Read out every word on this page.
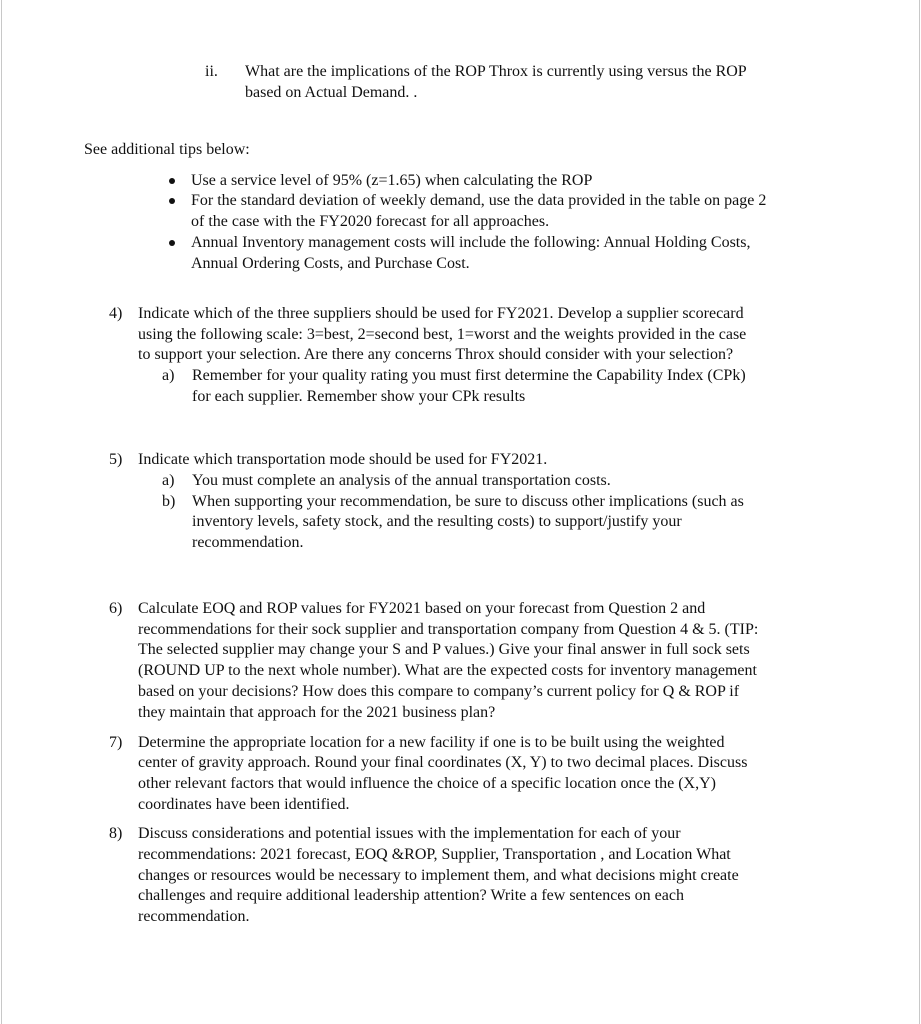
ii. What are the implications of the ROP Throx is currently using versus the ROP
based on Actual Demand. .
See additional tips below:
Use a service level of 95% (z=1.65) when calculating the ROP
For the standard deviation of weekly demand, use the data provided in the table on page 2
of the case with the FY2020 forecast for all approaches.
Annual Inventory management costs will include the following: Annual Holding Costs,
Annual Ordering Costs, and Purchase Cost.
4) Indicate which of the three suppliers should be used for FY2021. Develop a supplier scorecard
using the following scale: 3=best, 2=second best, 1=worst and the weights provided in the case
to support your selection. Are there any concerns Throx should consider with your selection?
a) Remember for your quality rating you must first determine the Capability Index (CPk)
for each supplier. Remember show your CPk results
5) Indicate which transportation mode should be used for FY2021.
a) You must complete an analysis of the annual transportation costs.
b) When supporting your recommendation, be sure to discuss other implications (such as
inventory levels, safety stock, and the resulting costs) to support/justify your
recommendation.
6) Calculate EOQ and ROP values for FY2021 based on your forecast from Question 2 and
recommendations for their sock supplier and transportation company from Question 4 & 5. (TIP:
The selected supplier may change your S and P values.) Give your final answer in full sock sets
(ROUND UP to the next whole number). What are the expected costs for inventory management
based on your decisions? How does this compare to company’s current policy for Q & ROP if
they maintain that approach for the 2021 business plan?
7) Determine the appropriate location for a new facility if one is to be built using the weighted
center of gravity approach. Round your final coordinates (X, Y) to two decimal places. Discuss
other relevant factors that would influence the choice of a specific location once the (X,Y)
coordinates have been identified.
8) Discuss considerations and potential issues with the implementation for each of your
recommendations: 2021 forecast, EOQ &ROP, Supplier, Transportation , and Location What
changes or resources would be necessary to implement them, and what decisions might create
challenges and require additional leadership attention? Write a few sentences on each
recommendation.
